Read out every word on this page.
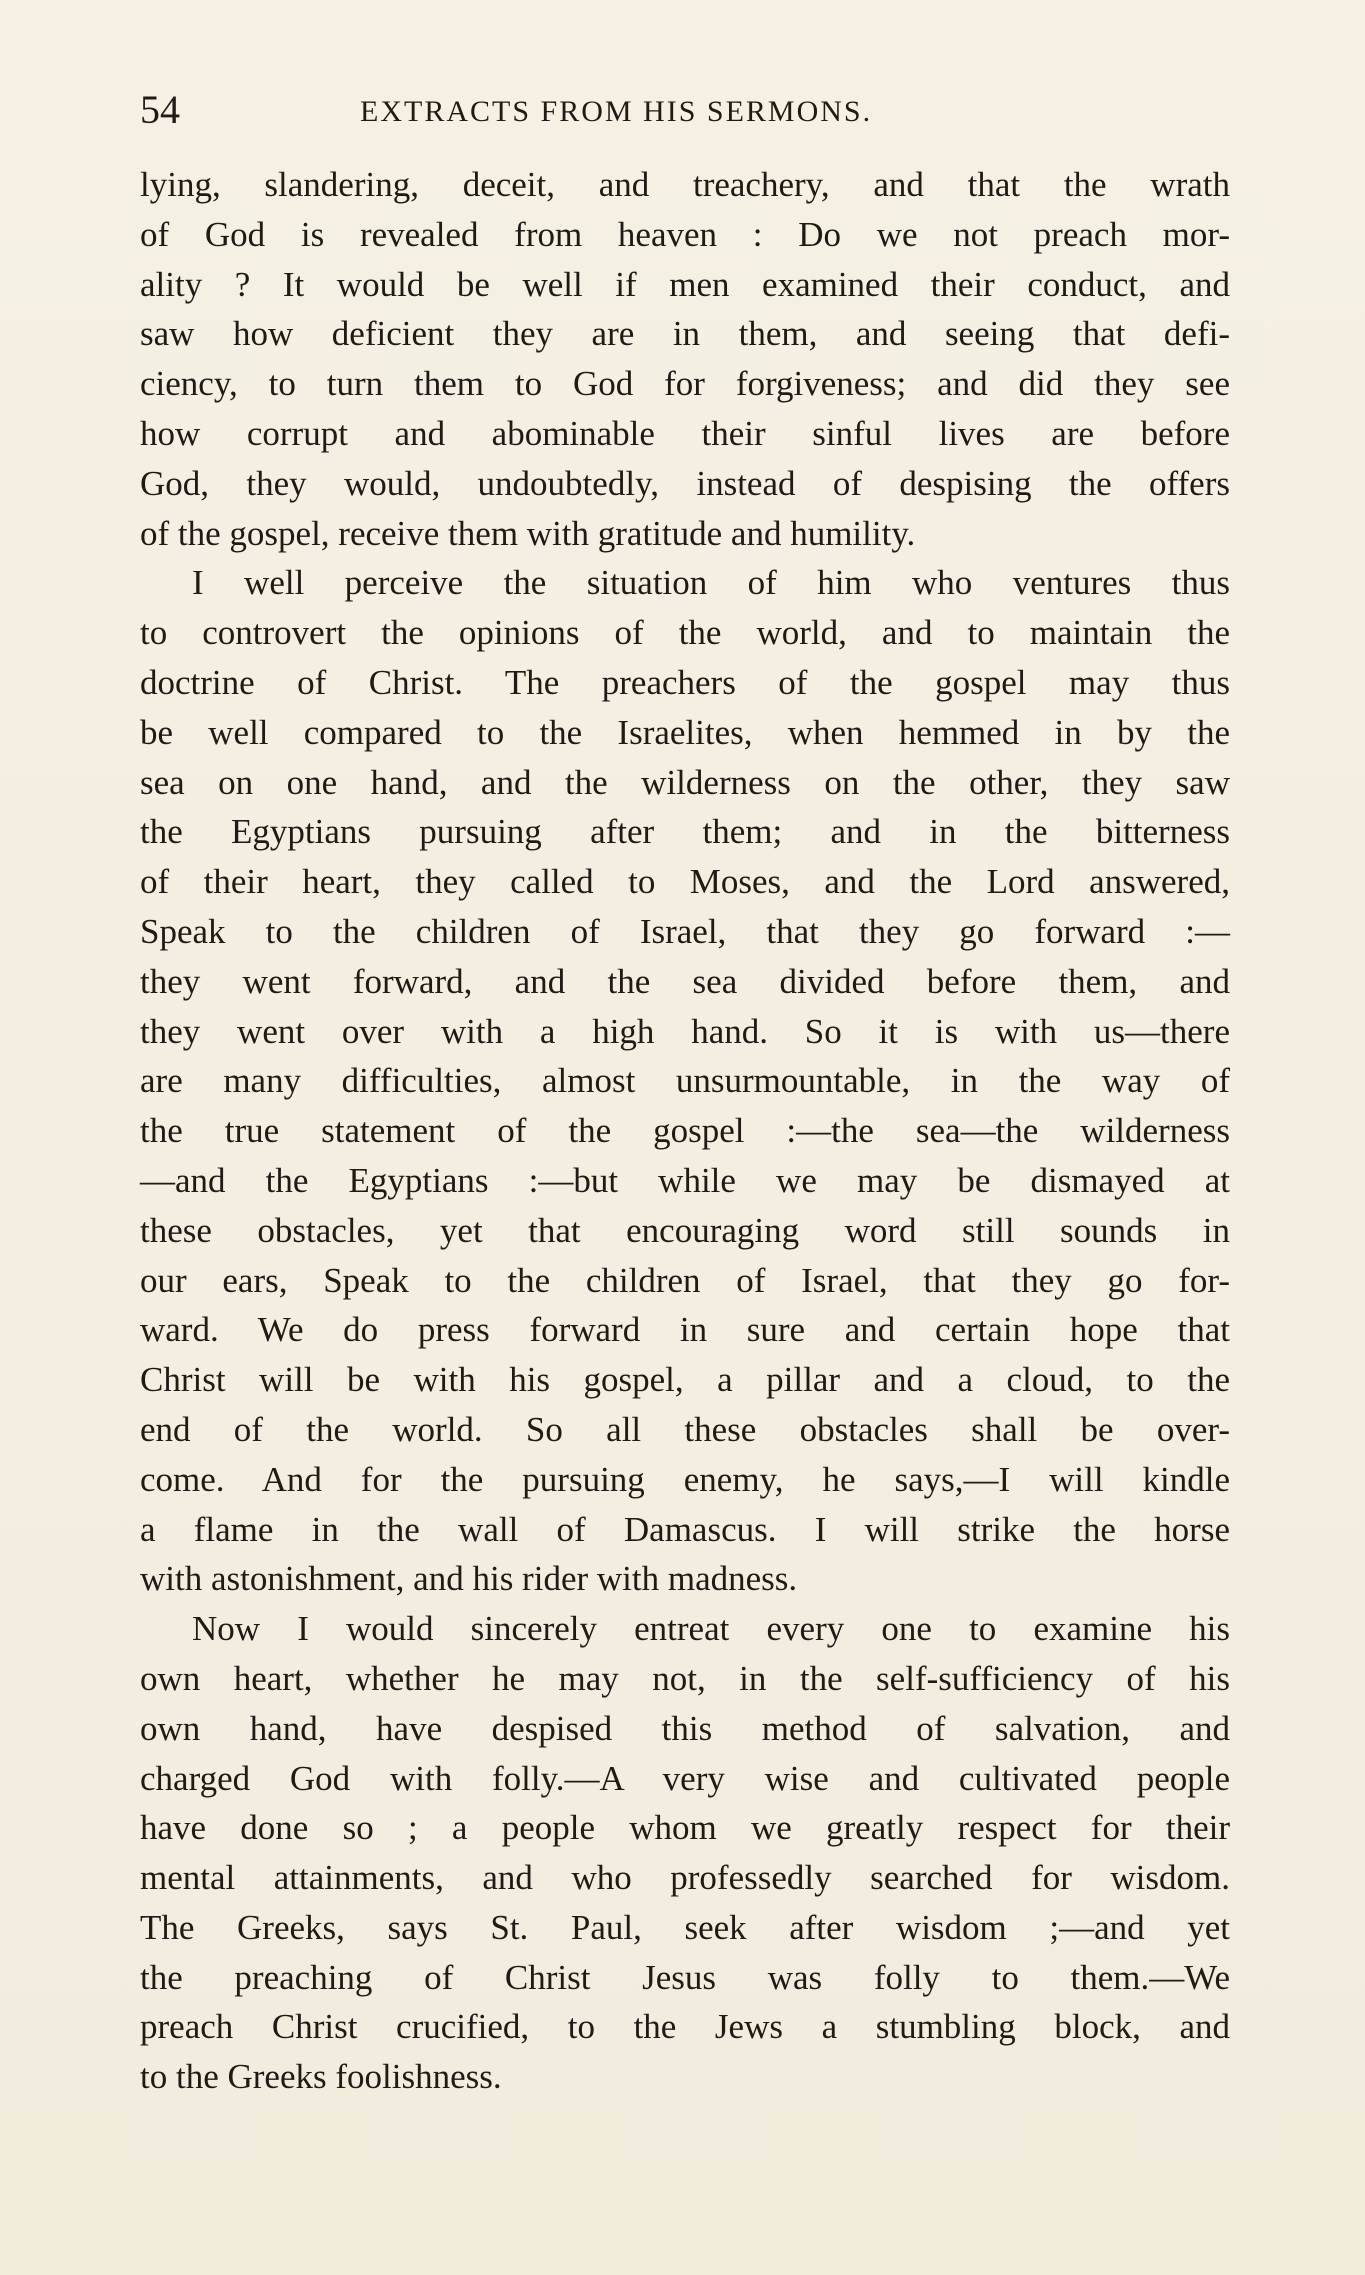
54	EXTRACTS FROM HIS SERMONS.
lying, slandering, deceit, and treachery, and that the wrath
of God is revealed from heaven : Do we not preach mor-
ality ? It would be well if men examined their conduct, and
saw how deficient they are in them, and seeing that defi-
ciency, to turn them to God for forgiveness; and did they see
how corrupt and abominable their sinful lives are before
God, they would, undoubtedly, instead of despising the offers
of the gospel, receive them with gratitude and humility.
I well perceive the situation of him who ventures thus
to controvert the opinions of the world, and to maintain the
doctrine of Christ. The preachers of the gospel may thus
be well compared to the Israelites, when hemmed in by the
sea on one hand, and the wilderness on the other, they saw
the Egyptians pursuing after them; and in the bitterness
of their heart, they called to Moses, and the Lord answered,
Speak to the children of Israel, that they go forward :—
they went forward, and the sea divided before them, and
they went over with a high hand. So it is with us—there
are many difficulties, almost unsurmountable, in the way of
the true statement of the gospel :—the sea—the wilderness
—and the Egyptians :—but while we may be dismayed at
these obstacles, yet that encouraging word still sounds in
our ears, Speak to the children of Israel, that they go for-
ward. We do press forward in sure and certain hope that
Christ will be with his gospel, a pillar and a cloud, to the
end of the world. So all these obstacles shall be over-
come. And for the pursuing enemy, he says,—I will kindle
a flame in the wall of Damascus. I will strike the horse
with astonishment, and his rider with madness.
Now I would sincerely entreat every one to examine his
own heart, whether he may not, in the self-sufficiency of his
own hand, have despised this method of salvation, and
charged God with folly.—A very wise and cultivated people
have done so ; a people whom we greatly respect for their
mental attainments, and who professedly searched for wisdom.
The Greeks, says St. Paul, seek after wisdom ;—and yet
the preaching of Christ Jesus was folly to them.—We
preach Christ crucified, to the Jews a stumbling block, and
to the Greeks foolishness.
